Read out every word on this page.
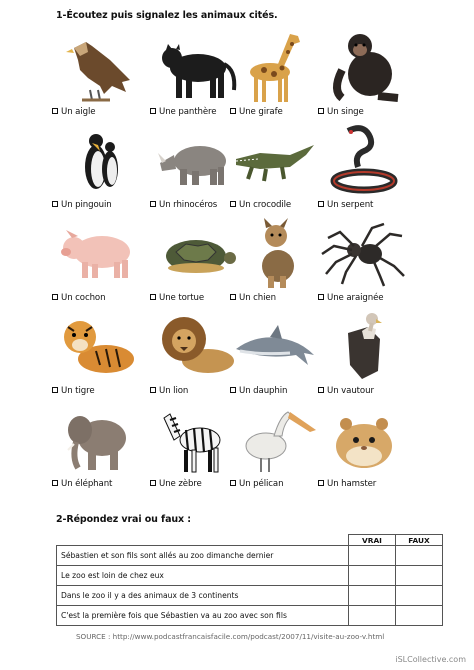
1-Écoutez puis signalez les animaux cités.
Un aigle	Une panthère	Une girafe	Un singe
Un pingouin	Un rhinocéros	Un crocodile	Un serpent
Un cochon	Une tortue	Un chien	Une araignée
Un tigre	Un lion	Un dauphin	Un vautour
Un éléphant	Une zèbre	Un pélican	Un hamster
2-Répondez vrai ou faux :
	VRAI	FAUX
Sébastien et son fils sont allés au zoo dimanche dernier		
Le zoo est loin de chez eux		
Dans le zoo il y a des animaux de 3 continents		
C'est la première fois que Sébastien va au zoo avec son fils		
SOURCE : http://www.podcastfrancaisfacile.com/podcast/2007/11/visite-au-zoo-v.html
iSLCollective.com
